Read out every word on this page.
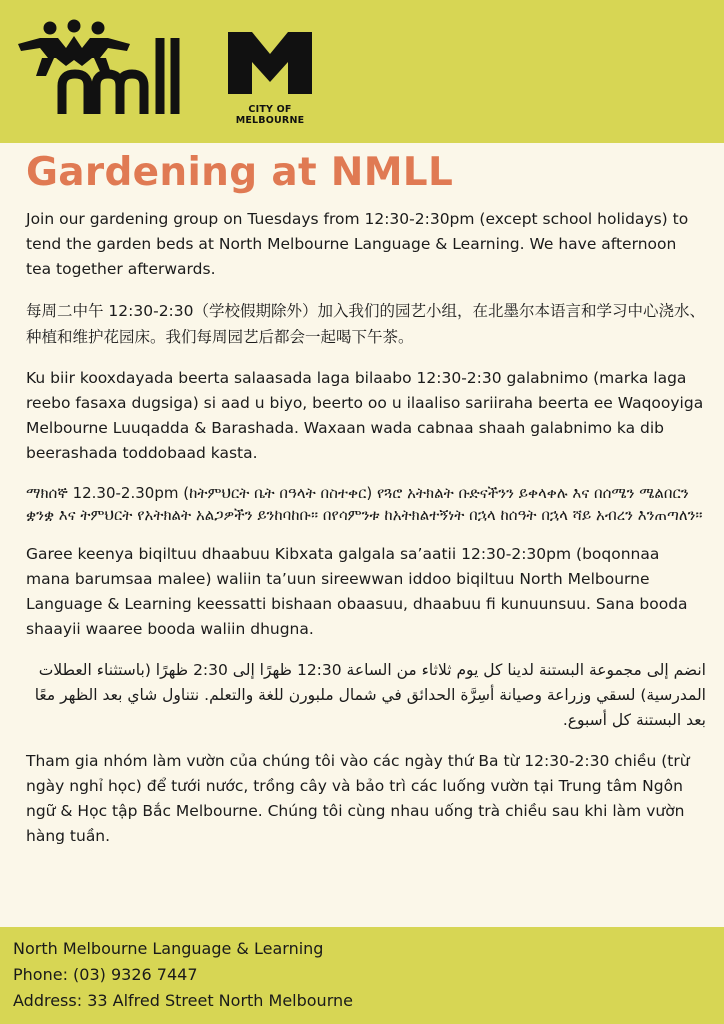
CITY OF MELBOURNE
Gardening at NMLL

Join our gardening group on Tuesdays from 12:30-2:30pm (except school holidays) to tend the garden beds at North Melbourne Language & Learning. We have afternoon tea together afterwards.

每周二中午 12:30-2:30（学校假期除外）加入我们的园艺小组，在北墨尔本语言和学习中心浇水、种植和维护花园床。我们每周园艺后都会一起喝下午茶。

Ku biir kooxdayada beerta salaasada laga bilaabo 12:30-2:30 galabnimo (marka laga reebo fasaxa dugsiga) si aad u biyo, beerto oo u ilaaliso sariiraha beerta ee Waqooyiga Melbourne Luuqadda & Barashada. Waxaan wada cabnaa shaah galabnimo ka dib beerashada toddobaad kasta.

ማክሰኞ 12.30-2.30pm (ከትምህርት ቤት በዓላት በስተቀር) የጓሮ አትክልት ቡድናችንን ይቀላቀሉ እና በሰሜን ሜልበርን ቋንቋ እና ትምህርት የአትክልት አልጋዎችን ይንከባከቡ። በየሳምንቱ ከአትክልተኝነት በኋላ ከሰዓት በኋላ ሻይ አብረን እንጠጣለን።

Garee keenya biqiltuu dhaabuu Kibxata galgala sa’aatii 12:30-2:30pm (boqonnaa mana barumsaa malee) waliin ta’uun sireewwan iddoo biqiltuu North Melbourne Language & Learning keessatti bishaan obaasuu, dhaabuu fi kunuunsuu. Sana booda shaayii waaree booda waliin dhugna.

انضم إلى مجموعة البستنة لدينا كل يوم ثلاثاء من الساعة 12:30 ظهرًا إلى 2:30 ظهرًا (باستثناء العطلات المدرسية) لسقي وزراعة وصيانة أسِرَّة الحدائق في شمال ملبورن للغة والتعلم. نتناول شاي بعد الظهر معًا بعد البستنة كل أسبوع.

Tham gia nhóm làm vườn của chúng tôi vào các ngày thứ Ba từ 12:30-2:30 chiều (trừ ngày nghỉ học) để tưới nước, trồng cây và bảo trì các luống vườn tại Trung tâm Ngôn ngữ & Học tập Bắc Melbourne. Chúng tôi cùng nhau uống trà chiều sau khi làm vườn hàng tuần.

North Melbourne Language & Learning
Phone: (03) 9326 7447
Address: 33 Alfred Street North Melbourne
